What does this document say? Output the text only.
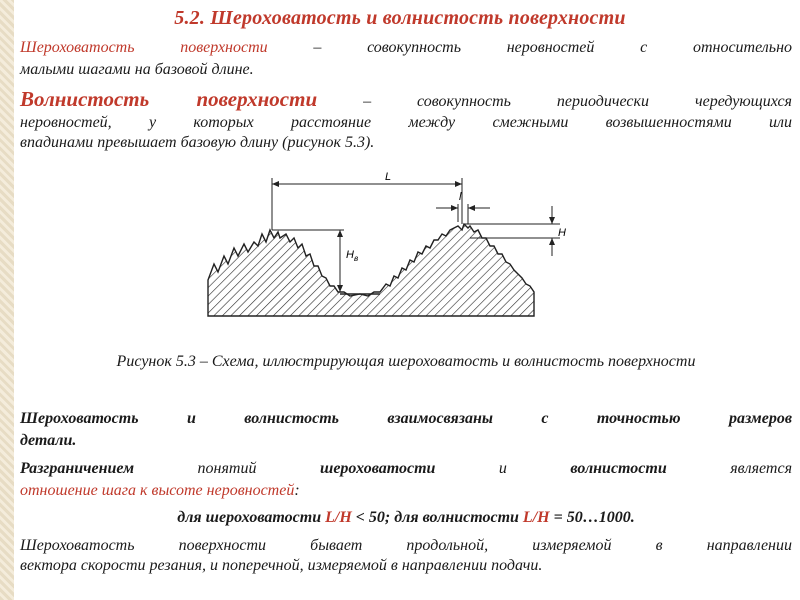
5.2. Шероховатость и волнистость поверхности
Шероховатость поверхности – совокупность неровностей с относительно
малыми шагами на базовой длине.
Волнистость поверхности – совокупность периодически чередующихся
неровностей, у которых расстояние между смежными возвышенностями или
впадинами превышает базовую длину (рисунок 5.3).
L
$H_в$
l
H
Рисунок 5.3 – Схема, иллюстрирующая шероховатость и волнистость поверхности
Шероховатость и волнистость взаимосвязаны с точностью размеров
детали.
Разграничением понятий шероховатости и волнистости является
отношение шага к высоте неровностей:
для шероховатости L/H < 50; для волнистости L/H = 50…1000.
Шероховатость поверхности бывает продольной, измеряемой в направлении
вектора скорости резания, и поперечной, измеряемой в направлении подачи.
